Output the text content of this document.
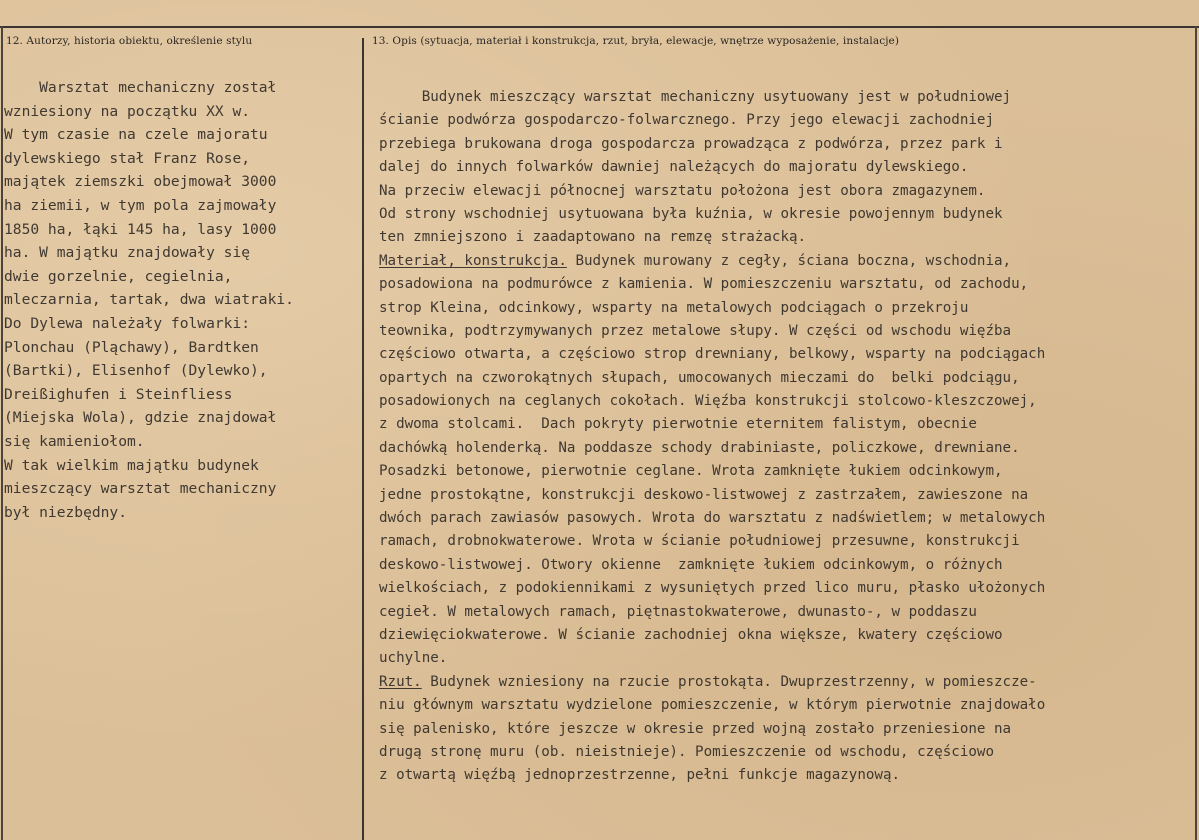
12. Autorzy, historia obiektu, określenie stylu	13. Opis (sytuacja, materiał i konstrukcja, rzut, bryła, elewacje, wnętrze wyposażenie, instalacje)
Warsztat mechaniczny został
wzniesiony na początku XX w.
W tym czasie na czele majoratu
dylewskiego stał Franz Rose,
majątek ziemszki obejmował 3000
ha ziemii, w tym pola zajmowały
1850 ha, łąki 145 ha, lasy 1000
ha. W majątku znajdowały się
dwie gorzelnie, cegielnia,
mleczarnia, tartak, dwa wiatraki.
Do Dylewa należały folwarki:
Plonchau (Pląchawy), Bardtken
(Bartki), Elisenhof (Dylewko),
Dreißighufen i Steinfliess
(Miejska Wola), gdzie znajdował
się kamieniołom.
W tak wielkim majątku budynek
mieszczący warsztat mechaniczny
był niezbędny.
Budynek mieszczący warsztat mechaniczny usytuowany jest w południowej
ścianie podwórza gospodarczo-folwarcznego. Przy jego elewacji zachodniej
przebiega brukowana droga gospodarcza prowadząca z podwórza, przez park i
dalej do innych folwarków dawniej należących do majoratu dylewskiego.
Na przeciw elewacji północnej warsztatu położona jest obora zmagazynem.
Od strony wschodniej usytuowana była kuźnia, w okresie powojennym budynek
ten zmniejszono i zaadaptowano na remzę strażacką.
Materiał, konstrukcja. Budynek murowany z cegły, ściana boczna, wschodnia,
posadowiona na podmurówce z kamienia. W pomieszczeniu warsztatu, od zachodu,
strop Kleina, odcinkowy, wsparty na metalowych podciągach o przekroju
teownika, podtrzymywanych przez metalowe słupy. W części od wschodu więźba
częściowo otwarta, a częściowo strop drewniany, belkowy, wsparty na podciągach
opartych na czworokątnych słupach, umocowanych mieczami do  belki podciągu,
posadowionych na ceglanych cokołach. Więźba konstrukcji stolcowo-kleszczowej,
z dwoma stolcami.  Dach pokryty pierwotnie eternitem falistym, obecnie
dachówką holenderką. Na poddasze schody drabiniaste, policzkowe, drewniane.
Posadzki betonowe, pierwotnie ceglane. Wrota zamknięte łukiem odcinkowym,
jedne prostokątne, konstrukcji deskowo-listwowej z zastrzałem, zawieszone na
dwóch parach zawiasów pasowych. Wrota do warsztatu z nadświetlem; w metalowych
ramach, drobnokwaterowe. Wrota w ścianie południowej przesuwne, konstrukcji
deskowo-listwowej. Otwory okienne  zamknięte łukiem odcinkowym, o różnych
wielkościach, z podokiennikami z wysuniętych przed lico muru, płasko ułożonych
cegieł. W metalowych ramach, piętnastokwaterowe, dwunasto-, w poddaszu
dziewięciokwaterowe. W ścianie zachodniej okna większe, kwatery częściowo
uchylne.
Rzut. Budynek wzniesiony na rzucie prostokąta. Dwuprzestrzenny, w pomieszcze-
niu głównym warsztatu wydzielone pomieszczenie, w którym pierwotnie znajdowało
się palenisko, które jeszcze w okresie przed wojną zostało przeniesione na
drugą stronę muru (ob. nieistnieje). Pomieszczenie od wschodu, częściowo
z otwartą więźbą jednoprzestrzenne, pełni funkcje magazynową.
